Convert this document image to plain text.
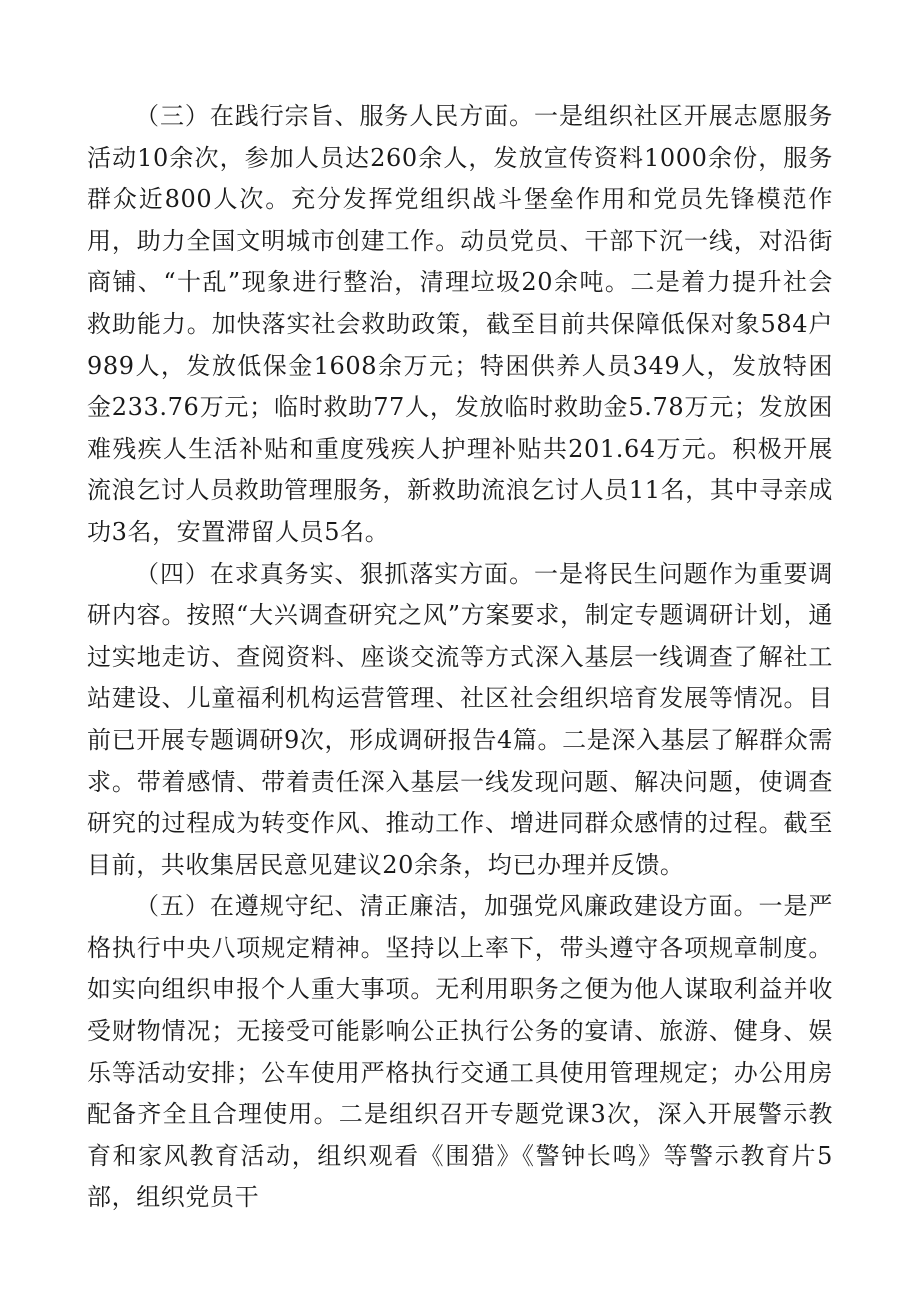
（三）在践行宗旨、服务人民方面。一是组织社区开展志愿服务活动10余次，参加人员达260余人，发放宣传资料1000余份，服务群众近800人次。充分发挥党组织战斗堡垒作用和党员先锋模范作用，助力全国文明城市创建工作。动员党员、干部下沉一线，对沿街商铺、“十乱”现象进行整治，清理垃圾20余吨。二是着力提升社会救助能力。加快落实社会救助政策，截至目前共保障低保对象584户989人，发放低保金1608余万元；特困供养人员349人，发放特困金233.76万元；临时救助77人，发放临时救助金5.78万元；发放困难残疾人生活补贴和重度残疾人护理补贴共201.64万元。积极开展流浪乞讨人员救助管理服务，新救助流浪乞讨人员11名，其中寻亲成功3名，安置滞留人员5名。

（四）在求真务实、狠抓落实方面。一是将民生问题作为重要调研内容。按照“大兴调查研究之风”方案要求，制定专题调研计划，通过实地走访、查阅资料、座谈交流等方式深入基层一线调查了解社工站建设、儿童福利机构运营管理、社区社会组织培育发展等情况。目前已开展专题调研9次，形成调研报告4篇。二是深入基层了解群众需求。带着感情、带着责任深入基层一线发现问题、解决问题，使调查研究的过程成为转变作风、推动工作、增进同群众感情的过程。截至目前，共收集居民意见建议20余条，均已办理并反馈。

（五）在遵规守纪、清正廉洁，加强党风廉政建设方面。一是严格执行中央八项规定精神。坚持以上率下，带头遵守各项规章制度。如实向组织申报个人重大事项。无利用职务之便为他人谋取利益并收受财物情况；无接受可能影响公正执行公务的宴请、旅游、健身、娱乐等活动安排；公车使用严格执行交通工具使用管理规定；办公用房配备齐全且合理使用。二是组织召开专题党课3次，深入开展警示教育和家风教育活动，组织观看《围猎》《警钟长鸣》等警示教育片5部，组织党员干
